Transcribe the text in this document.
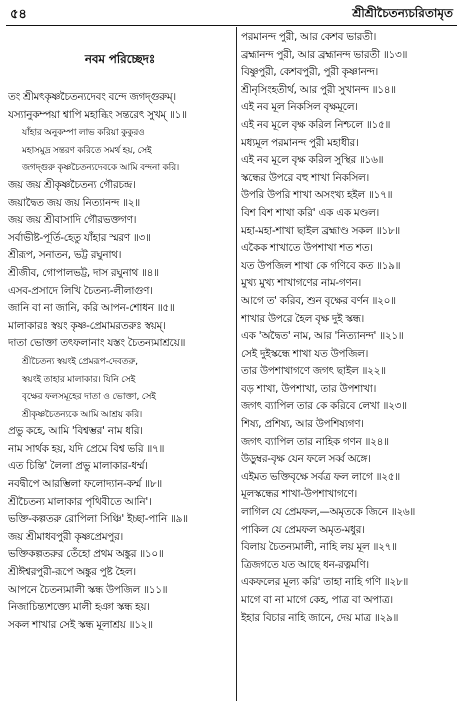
৫৪	শ্রীশ্রীচৈতন্যচরিতামৃত
নবম পরিচ্ছেদঃ
তং শ্রীমৎকৃষ্ণচৈতন্যদেবং বন্দে জগদ্গুরুম্।
যস্যানুকম্পয়া শ্বাপি মহাব্ধিং সন্তরেৎ সুখম্ ॥১॥
যাঁহার অনুকম্পা লাভ করিয়া কুকুরও
মহাসমুদ্র সন্তরণ করিতে সমর্থ হয়, সেই
জগদ্গুরু কৃষ্ণচৈতন্যদেবকে আমি বন্দনা করি।
জয় জয় শ্রীকৃষ্ণচৈতন্য গৌরচন্দ্র।
জয়াদ্বৈত জয় জয় নিত্যানন্দ ॥২॥
জয় জয় শ্রীবাসাদি গৌরভক্তগণ।
সর্বাভীষ্ট-পূর্তি-হেতু যাঁহার স্মরণ ॥৩॥
শ্রীরূপ, সনাতন, ভট্ট রঘুনাথ।
শ্রীজীব, গোপালভট্ট, দাস রঘুনাথ ॥৪॥
এসব-প্রসাদে লিখি চৈতন্য-লীলাগুণ।
জানি বা না জানি, করি আপন-শোধন ॥৫॥
মালাকারঃ স্বয়ং কৃষ্ণ-প্রেমামরতরুঃ স্বয়ম্।
দাতা ভোক্তা তৎফলানাং যস্তং চৈতন্যমাশ্রয়ে॥
শ্রীচৈতন্য স্বয়ংই প্রেমরূপ-দেবতরু,
স্বয়ংই তাহার মালাকার। যিনি সেই
বৃক্ষের ফলসমূহের দাতা ও ভোক্তা, সেই
শ্রীকৃষ্ণচৈতন্যকে আমি আশ্রয় করি।
প্রভু কহে, আমি 'বিশ্বম্ভর' নাম ধরি।
নাম সার্থক হয়, যদি প্রেমে বিশ্ব ভরি ॥৭॥
এত চিন্তি' লৈলা প্রভু মালাকার-ধর্ম্ম।
নবদ্বীপে আরম্ভিলা ফলোদ্যান-কর্ম্ম ॥৮॥
শ্রীচৈতন্য মালাকার পৃথিবীতে আনি'।
ভক্তি-কল্পতরু রোপিলা সিঞ্চি' ইচ্ছা-পানি ॥৯॥
জয় শ্রীমাধবপুরী কৃষ্ণপ্রেমপুর।
ভক্তিকল্পতরুর তেঁহো প্রথম অঙ্কুর ॥১০॥
শ্রীঈশ্বরপুরী-রূপে অঙ্কুর পুষ্ট হৈল।
আপনে চৈতন্যমালী স্কন্ধ উপজিল ॥১১॥
নিজাচিন্ত্যশক্ত্যে মালী হঞা স্কন্ধ হয়।
সকল শাখার সেই স্কন্ধ মূলাশ্রয় ॥১২॥
পরমানন্দ পুরী, আর কেশব ভারতী।
ব্রহ্মানন্দ পুরী, আর ব্রহ্মানন্দ ভারতী ॥১৩॥
বিষ্ণুপুরী, কেশবপুরী, পুরী কৃষ্ণানন্দ।
শ্রীনৃসিংহতীর্থ, আর পুরী সুখানন্দ ॥১৪॥
এই নব মূল নিকসিল বৃক্ষমূলে।
এই নব মূলে বৃক্ষ করিল নিশ্চলে ॥১৫॥
মধ্যমূল পরমানন্দ পুরী মহাধীর।
এই নব মূলে বৃক্ষ করিল সুস্থির ॥১৬॥
স্কন্ধের উপরে বহু শাখা নিকসিল।
উপরি উপরি শাখা অসংখ্য হইল ॥১৭॥
বিশ বিশ শাখা করি' এক এক মণ্ডল।
মহা-মহা-শাখা ছাইল ব্রহ্মাণ্ড সকল ॥১৮॥
একৈক শাখাতে উপশাখা শত শত।
যত উপজিল শাখা কে গণিবে কত ॥১৯॥
মুখ্য মুখ্য শাখাগণের নাম-গণন।
আগে ত' করিব, শুন বৃক্ষের বর্ণন ॥২০॥
শাখার উপরে হৈল বৃক্ষ দুই স্কন্ধ।
এক 'অদ্বৈত' নাম, আর 'নিত্যানন্দ' ॥২১॥
সেই দুইস্কন্ধে শাখা যত উপজিল।
তার উপশাখাগণে জগৎ ছাইল ॥২২॥
বড় শাখা, উপশাখা, তার উপশাখা।
জগৎ ব্যাপিল তার কে করিবে লেখা ॥২৩॥
শিষ্য, প্রশিষ্য, আর উপশিষ্যগণ।
জগৎ ব্যাপিল তার নাহিক গণন ॥২৪॥
উড়ুম্বর-বৃক্ষ যেন ফলে সর্ব্ব অঙ্গে।
এইমত ভক্তিবৃক্ষে সর্বত্র ফল লাগে ॥২৫॥
মূলস্কন্ধের শাখা-উপশাখাগণে।
লাগিল যে প্রেমফল,—অমৃতকে জিনে ॥২৬॥
পাকিল যে প্রেমফল অমৃত-মধুর।
বিলায় চৈতন্যমালী, নাহি লয় মূল ॥২৭॥
ত্রিজগতে যত আছে ধন-রত্নমণি।
একফলের মূল্য করি' তাহা নাহি গণি ॥২৮॥
মাগে বা না মাগে কেহ, পাত্র বা অপাত্র।
ইহার বিচার নাহি জানে, দেয় মাত্র ॥২৯॥
